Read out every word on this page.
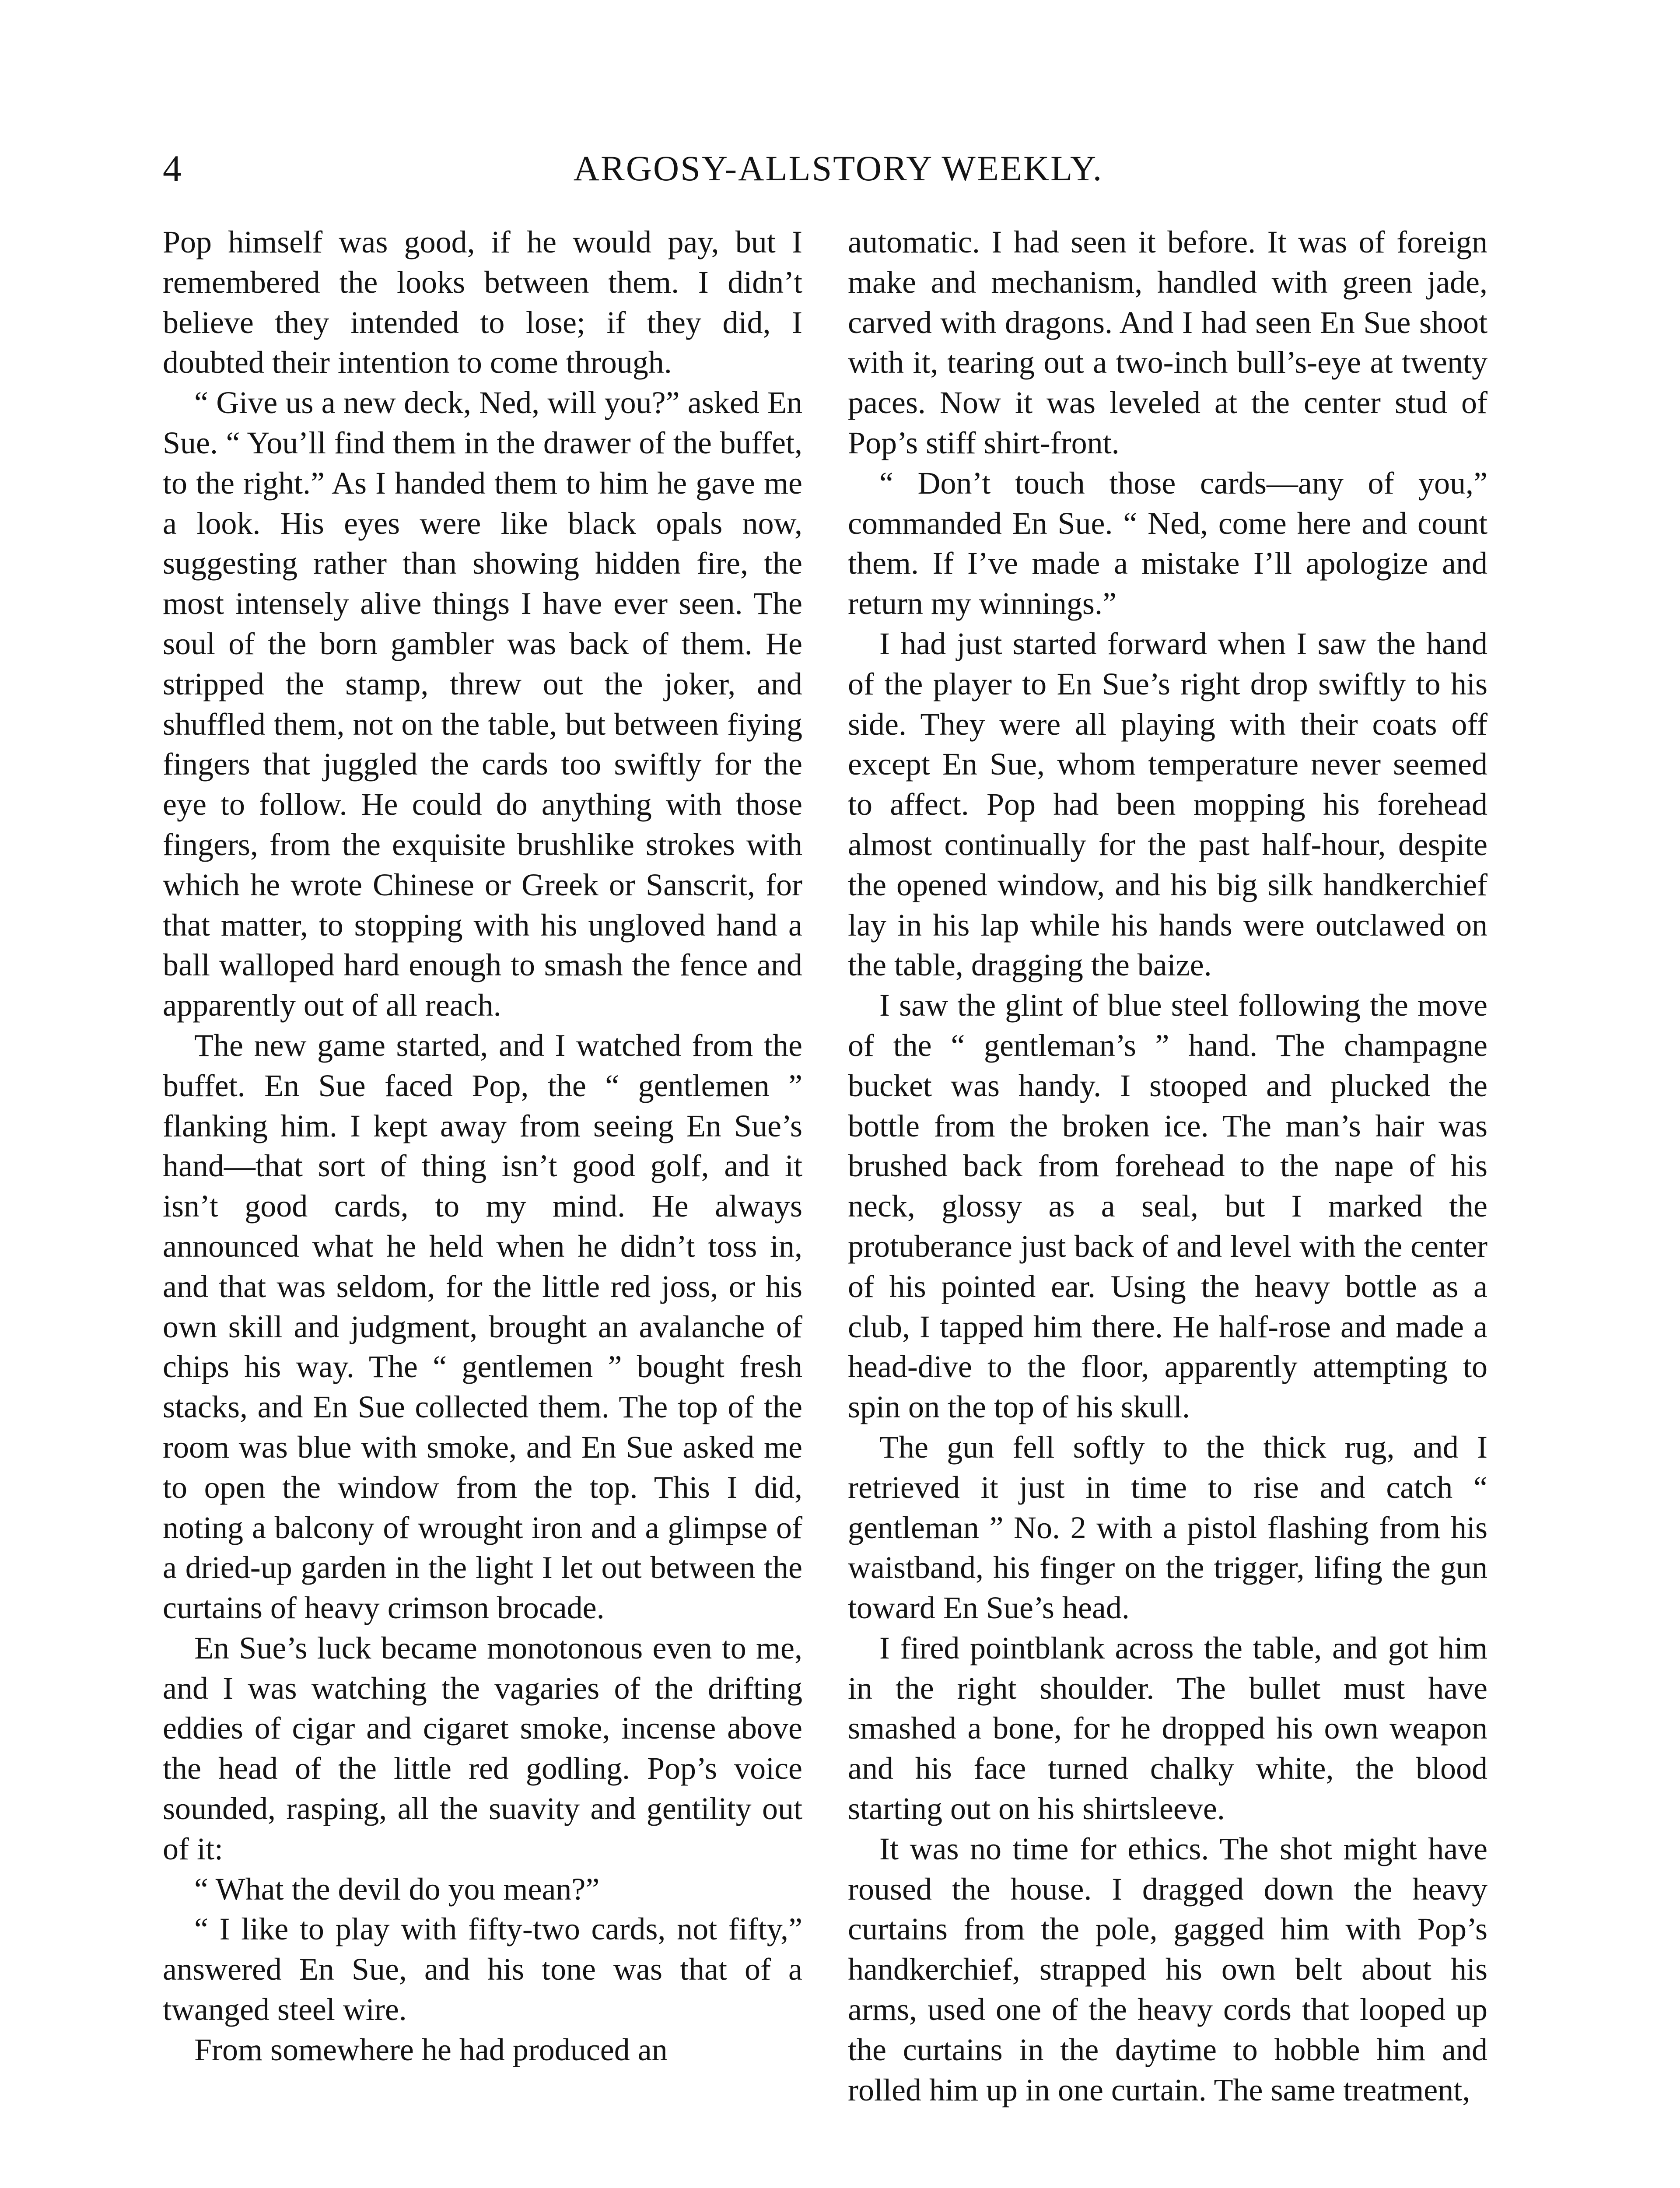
4	ARGOSY-ALLSTORY WEEKLY.

Pop himself was good, if he would pay, but I remembered the looks between them. I didn’t believe they intended to lose; if they did, I doubted their intention to come through.

“ Give us a new deck, Ned, will you?” asked En Sue. “ You’ll find them in the drawer of the buffet, to the right.” As I handed them to him he gave me a look. His eyes were like black opals now, suggesting rather than showing hidden fire, the most intensely alive things I have ever seen. The soul of the born gambler was back of them. He stripped the stamp, threw out the joker, and shuffled them, not on the table, but between fiying fingers that juggled the cards too swiftly for the eye to follow. He could do anything with those fingers, from the exquisite brushlike strokes with which he wrote Chinese or Greek or Sanscrit, for that matter, to stopping with his ungloved hand a ball walloped hard enough to smash the fence and apparently out of all reach.

The new game started, and I watched from the buffet. En Sue faced Pop, the “ gentlemen ” flanking him. I kept away from seeing En Sue’s hand—that sort of thing isn’t good golf, and it isn’t good cards, to my mind. He always announced what he held when he didn’t toss in, and that was seldom, for the little red joss, or his own skill and judgment, brought an avalanche of chips his way. The “ gentlemen ” bought fresh stacks, and En Sue collected them. The top of the room was blue with smoke, and En Sue asked me to open the window from the top. This I did, noting a balcony of wrought iron and a glimpse of a dried-up garden in the light I let out between the curtains of heavy crimson brocade.

En Sue’s luck became monotonous even to me, and I was watching the vagaries of the drifting eddies of cigar and cigaret smoke, incense above the head of the little red godling. Pop’s voice sounded, rasping, all the suavity and gentility out of it:

“ What the devil do you mean?”

“ I like to play with fifty-two cards, not fifty,” answered En Sue, and his tone was that of a twanged steel wire.

From somewhere he had produced an

automatic. I had seen it before. It was of foreign make and mechanism, handled with green jade, carved with dragons. And I had seen En Sue shoot with it, tearing out a two-inch bull’s-eye at twenty paces. Now it was leveled at the center stud of Pop’s stiff shirt-front.

“ Don’t touch those cards—any of you,” commanded En Sue. “ Ned, come here and count them. If I’ve made a mistake I’ll apologize and return my winnings.”

I had just started forward when I saw the hand of the player to En Sue’s right drop swiftly to his side. They were all playing with their coats off except En Sue, whom temperature never seemed to affect. Pop had been mopping his forehead almost continually for the past half-hour, despite the opened window, and his big silk handkerchief lay in his lap while his hands were outclawed on the table, dragging the baize.

I saw the glint of blue steel following the move of the “ gentleman’s ” hand. The champagne bucket was handy. I stooped and plucked the bottle from the broken ice. The man’s hair was brushed back from forehead to the nape of his neck, glossy as a seal, but I marked the protuberance just back of and level with the center of his pointed ear. Using the heavy bottle as a club, I tapped him there. He half-rose and made a head-dive to the floor, apparently attempting to spin on the top of his skull.

The gun fell softly to the thick rug, and I retrieved it just in time to rise and catch “ gentleman ” No. 2 with a pistol flashing from his waistband, his finger on the trigger, lifing the gun toward En Sue’s head.

I fired pointblank across the table, and got him in the right shoulder. The bullet must have smashed a bone, for he dropped his own weapon and his face turned chalky white, the blood starting out on his shirtsleeve.

It was no time for ethics. The shot might have roused the house. I dragged down the heavy curtains from the pole, gagged him with Pop’s handkerchief, strapped his own belt about his arms, used one of the heavy cords that looped up the curtains in the daytime to hobble him and rolled him up in one curtain. The same treatment,
